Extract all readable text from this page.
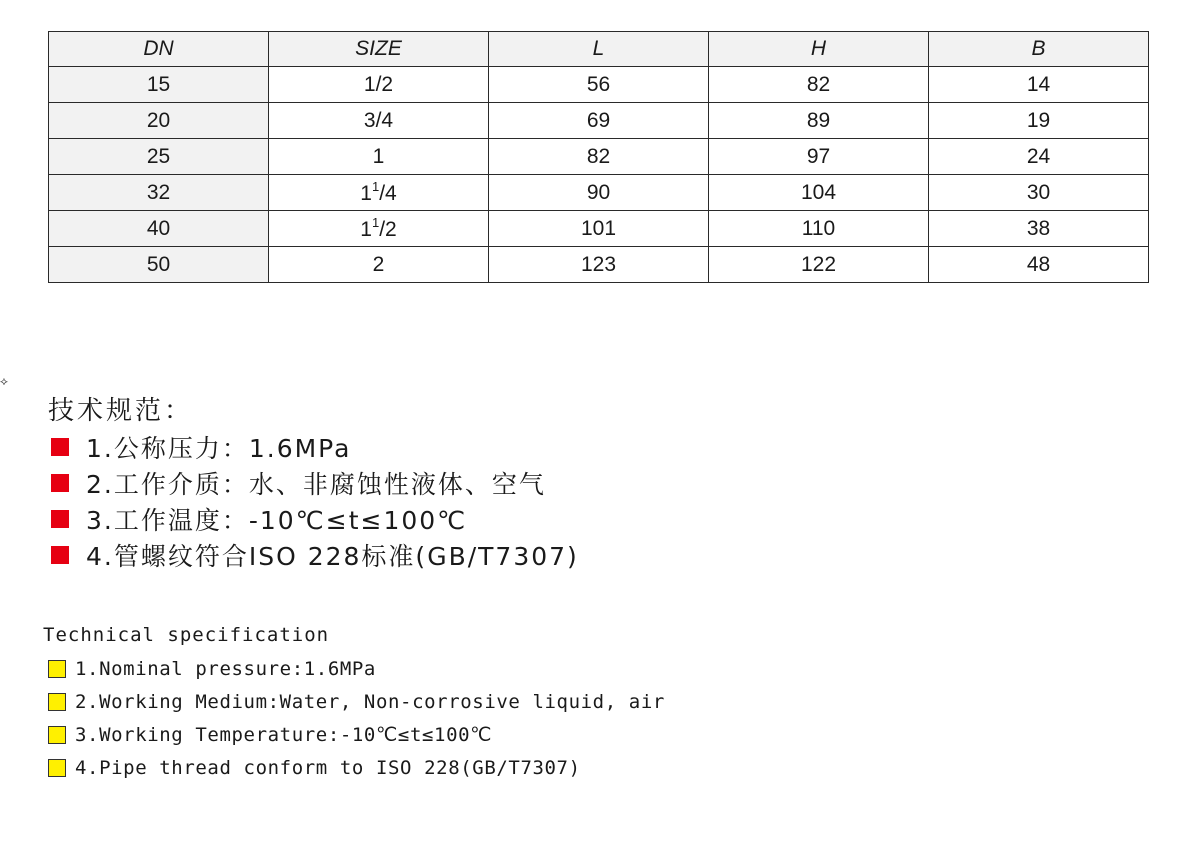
DN	SIZE	L	H	B
15	1/2	56	82	14
20	3/4	69	89	19
25	1	82	97	24
32	$1^1/4$	90	104	30
40	$1^1/2$	101	110	38
50	2	123	122	48
⟡
技术规范：
1.公称压力：1.6MPa
2.工作介质：水、非腐蚀性液体、空气
3.工作温度：-10℃≤t≤100℃
4.管螺纹符合ISO 228标准(GB/T7307)
Technical specification
1.Nominal pressure:1.6MPa
2.Working Medium:Water, Non-corrosive liquid, air
3.Working Temperature:-10℃≤t≤100℃
4.Pipe thread conform to ISO 228(GB/T7307)
